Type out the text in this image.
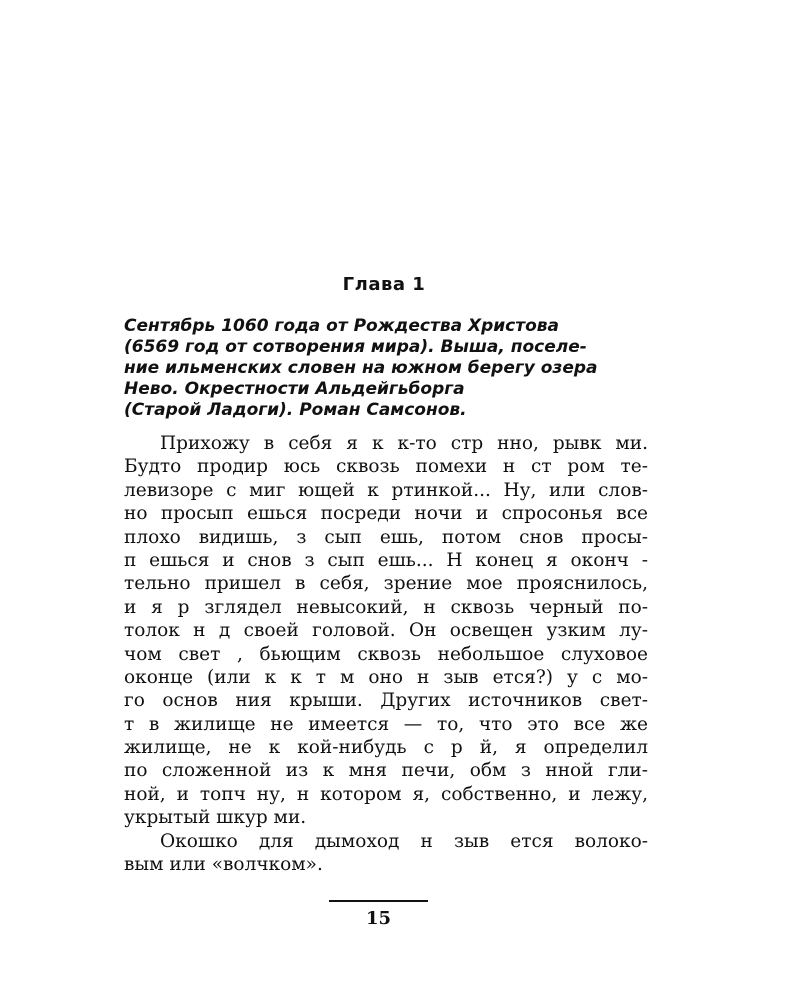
Глава 1
Сентябрь 1060 года от Рождества Христова
(6569 год от сотворения мира). Выша, поселе-
ние ильменских словен на южном берегу озера
Нево. Окрестности Альдейгьборга
(Старой Ладоги). Роман Самсонов.
Прихожу в себя я к к-то стр нно, рывк ми.
Будто продир юсь сквозь помехи н ст ром те-
левизоре с миг ющей к ртинкой... Ну, или слов-
но просып ешься посреди ночи и спросонья все
плохо видишь, з сып ешь, потом снов просы-
п ешься и снов з сып ешь... Н конец я оконч -
тельно пришел в себя, зрение мое прояснилось,
и я р зглядел невысокий, н сквозь черный по-
толок н д своей головой. Он освещен узким лу-
чом свет , бьющим сквозь небольшое слуховое
оконце (или к к т м оно н зыв ется?) у с мо-
го основ ния крыши. Других источников свет-
т в жилище не имеется — то, что это все же
жилище, не к кой-нибудь с р й, я определил
по сложенной из к мня печи, обм з нной гли-
ной, и топч ну, н котором я, собственно, и лежу,
укрытый шкур ми.
Окошко для дымоход н зыв ется волоко-
вым или «волчком».
15
